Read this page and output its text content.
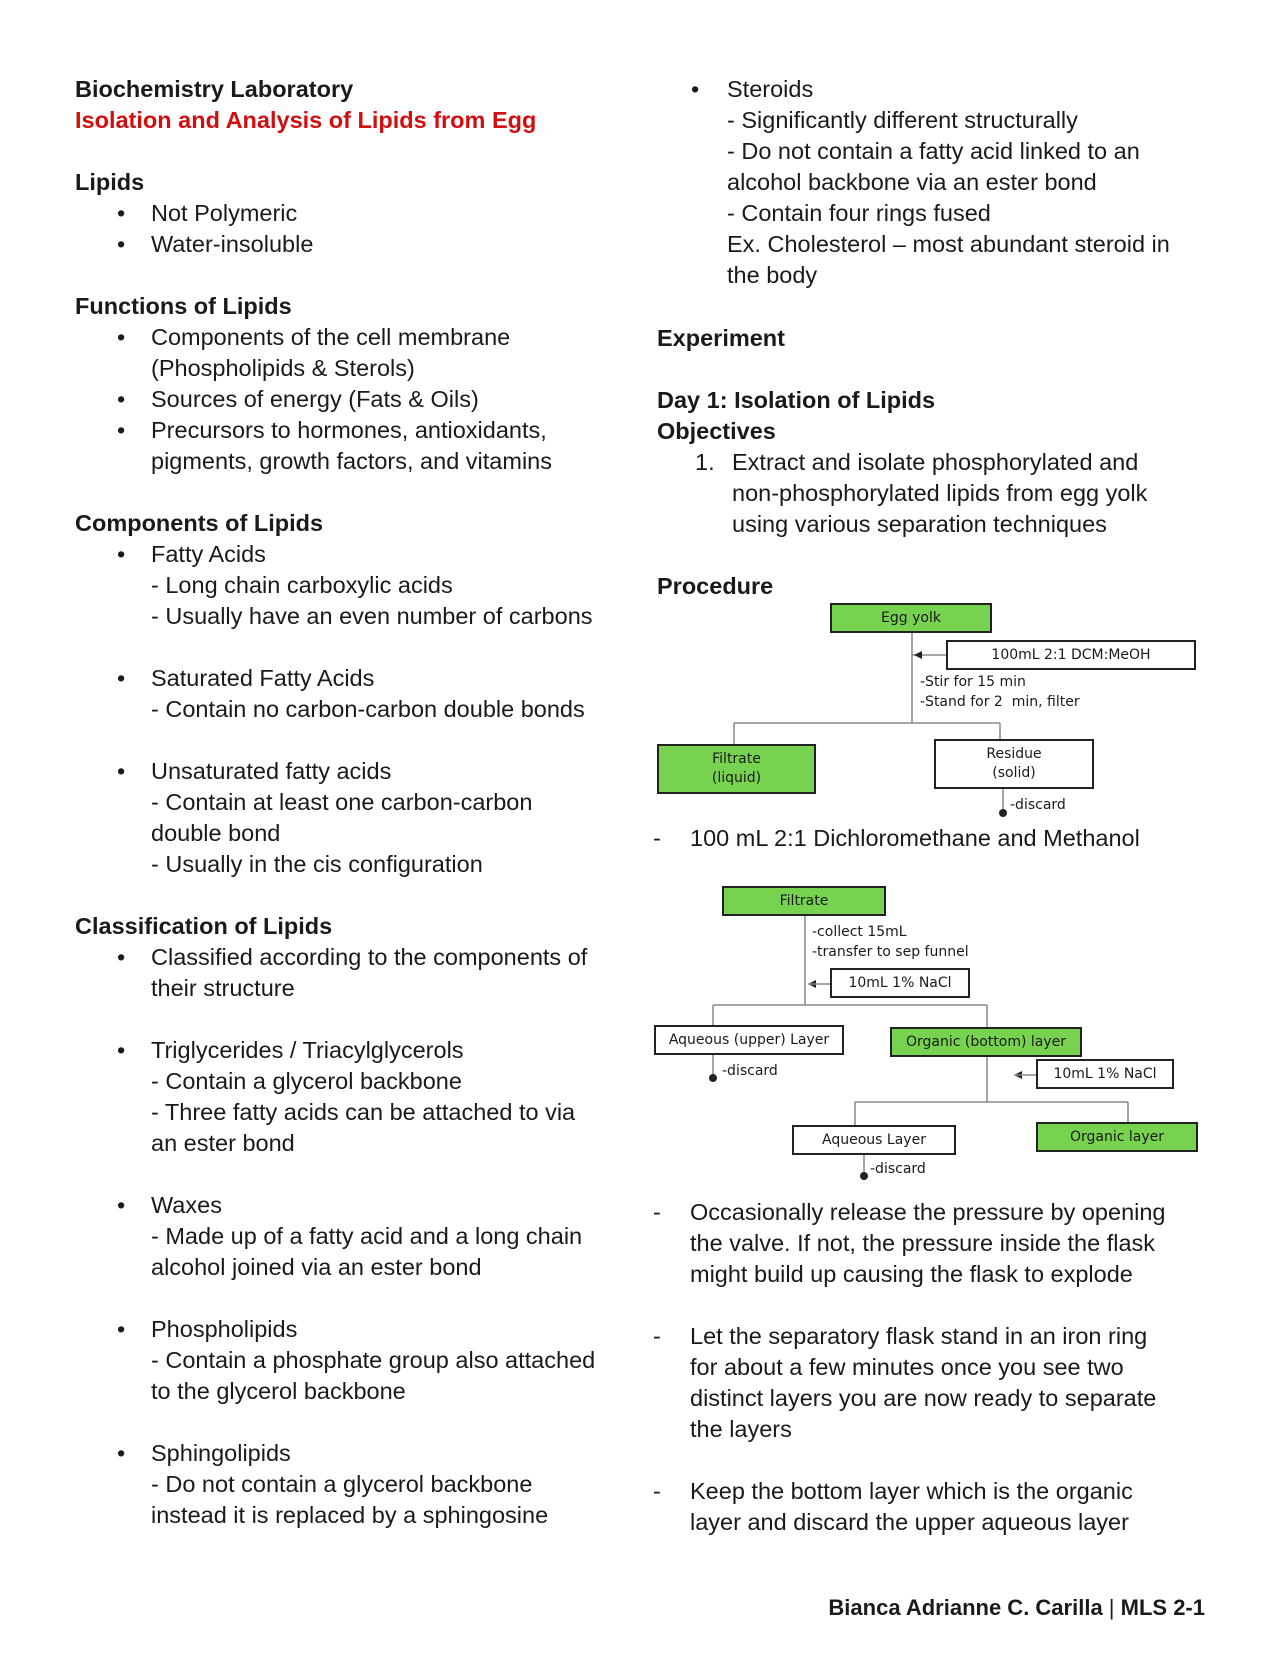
Biochemistry Laboratory
Isolation and Analysis of Lipids from Egg
Lipids
• Not Polymeric
• Water-insoluble
Functions of Lipids
• Components of the cell membrane
(Phospholipids & Sterols)
• Sources of energy (Fats & Oils)
• Precursors to hormones, antioxidants,
pigments, growth factors, and vitamins
Components of Lipids
• Fatty Acids
- Long chain carboxylic acids
- Usually have an even number of carbons
• Saturated Fatty Acids
- Contain no carbon-carbon double bonds
• Unsaturated fatty acids
- Contain at least one carbon-carbon
double bond
- Usually in the cis configuration
Classification of Lipids
• Classified according to the components of
their structure
• Triglycerides / Triacylglycerols
- Contain a glycerol backbone
- Three fatty acids can be attached to via
an ester bond
• Waxes
- Made up of a fatty acid and a long chain
alcohol joined via an ester bond
• Phospholipids
- Contain a phosphate group also attached
to the glycerol backbone
• Sphingolipids
- Do not contain a glycerol backbone
instead it is replaced by a sphingosine
• Steroids
- Significantly different structurally
- Do not contain a fatty acid linked to an
alcohol backbone via an ester bond
- Contain four rings fused
Ex. Cholesterol – most abundant steroid in
the body
Experiment
Day 1: Isolation of Lipids
Objectives
1. Extract and isolate phosphorylated and
non-phosphorylated lipids from egg yolk
using various separation techniques
Procedure
Egg yolk
100mL 2:1 DCM:MeOH
-Stir for 15 min
-Stand for 2  min, filter
Filtrate
(liquid)
Residue
(solid)
-discard
- 100 mL 2:1 Dichloromethane and Methanol
Filtrate
-collect 15mL
-transfer to sep funnel
10mL 1% NaCl
Aqueous (upper) Layer
-discard
Organic (bottom) layer
10mL 1% NaCl
Aqueous Layer
-discard
Organic layer
- Occasionally release the pressure by opening
the valve. If not, the pressure inside the flask
might build up causing the flask to explode
- Let the separatory flask stand in an iron ring
for about a few minutes once you see two
distinct layers you are now ready to separate
the layers
- Keep the bottom layer which is the organic
layer and discard the upper aqueous layer
Bianca Adrianne C. Carilla | MLS 2-1
